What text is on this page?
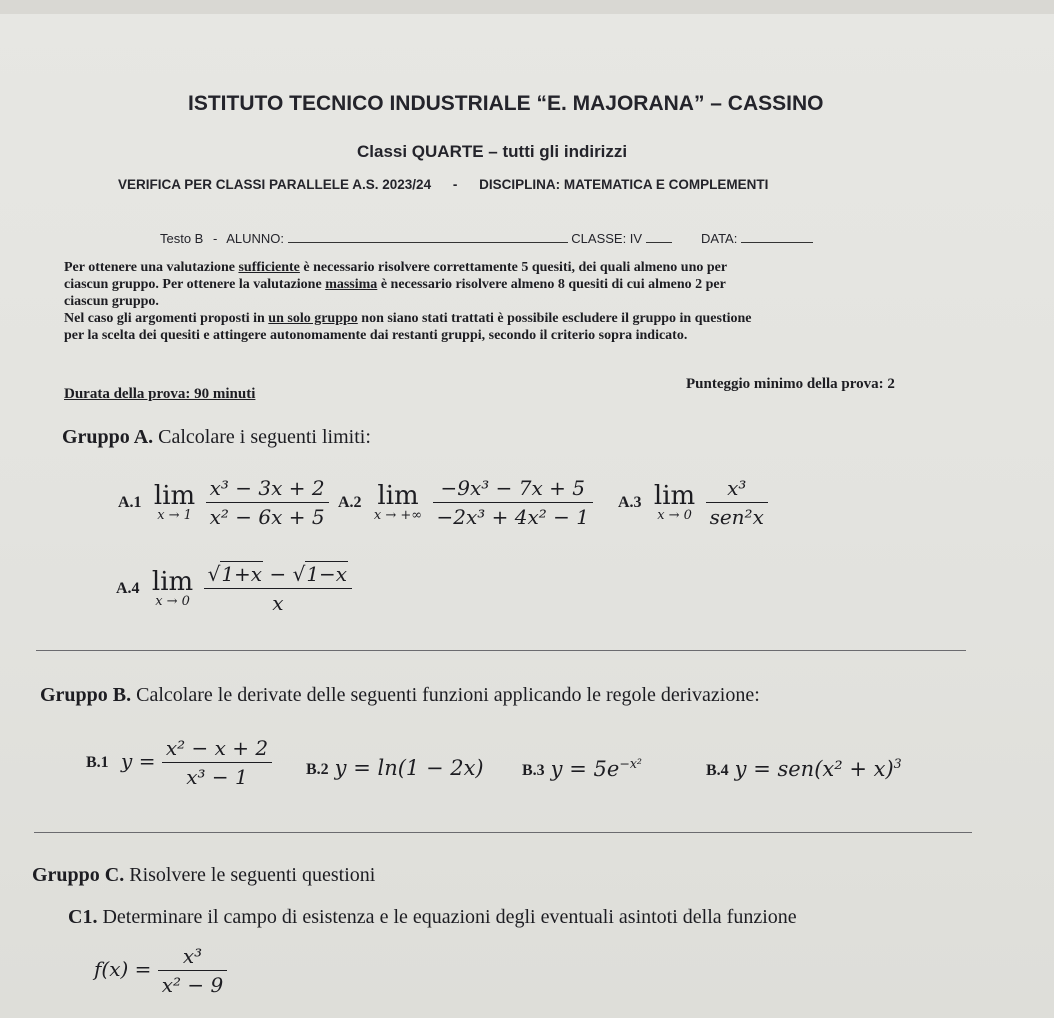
ISTITUTO TECNICO INDUSTRIALE “E. MAJORANA” – CASSINO
Classi QUARTE – tutti gli indirizzi
VERIFICA PER CLASSI PARALLELE A.S. 2023/24 - DISCIPLINA: MATEMATICA E COMPLEMENTI
Testo B - ALUNNO:	CLASSE: IV	DATA:
Per ottenere una valutazione sufficiente è necessario risolvere correttamente 5 quesiti, dei quali almeno uno per
ciascun gruppo. Per ottenere la valutazione massima è necessario risolvere almeno 8 quesiti di cui almeno 2 per
ciascun gruppo.
Nel caso gli argomenti proposti in un solo gruppo non siano stati trattati è possibile escludere il gruppo in questione
per la scelta dei quesiti e attingere autonomamente dai restanti gruppi, secondo il criterio sopra indicato.
Durata della prova: 90 minuti
Punteggio minimo della prova: 2
Gruppo A. Calcolare i seguenti limiti:
A.1 lim
x → 1
$\frac{\text{x³ − 3x + 2}}{\text{x² − 6x + 5}} A.2$ lim
x → +∞
$\frac{\text{−9x³ − 7x + 5}}{\text{−2x³ + 4x² − 1}} A.3$ lim
x → 0
$\frac{\text{x³}}{\text{sen²x}}$
A.4 lim
x → 0
$\frac{√1+x - √1-x}{x}$
Gruppo B. Calcolare le derivate delle seguenti funzioni applicando le regole derivazione:
B.1 $y = \frac{\text{x² − x + 2}}{\text{x³ − 1}} B.2$ y = ln(1 − 2x) B.3 $y = 5e^{-x^2}$	B.4 $y = sen(x^2 + x)^3$
Gruppo C. Risolvere le seguenti questioni
C1. Determinare il campo di esistenza e le equazioni degli eventuali asintoti della funzione
$f(x) = \frac{\text{x³}}{\text{x² − 9}}$
